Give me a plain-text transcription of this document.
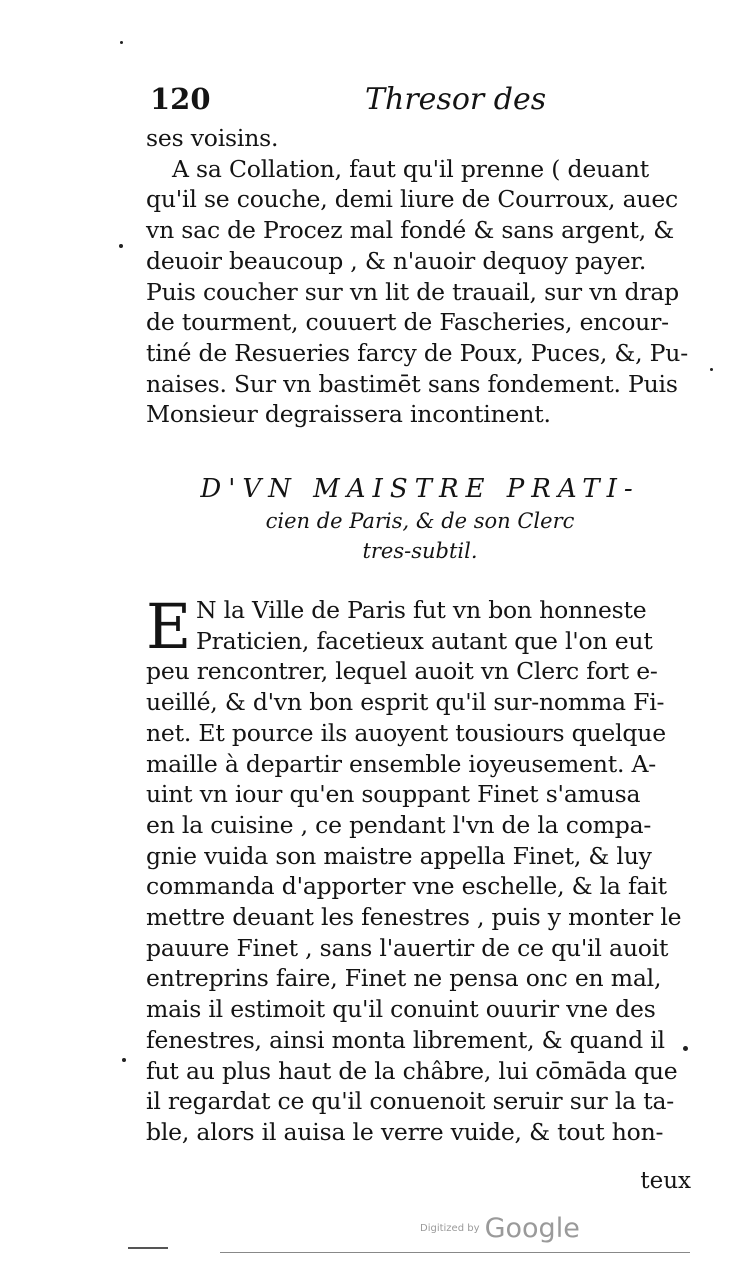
120	Thresor des
ses voisins.
A sa Collation, faut qu'il prenne ( deuant
qu'il se couche, demi liure de Courroux, auec
vn sac de Procez mal fondé & sans argent, &
deuoir beaucoup , & n'auoir dequoy payer.
Puis coucher sur vn lit de trauail, sur vn drap
de tourment, couuert de Fascheries, encour-
tiné de Resueries farcy de Poux, Puces, &, Pu-
naises. Sur vn bastimēt sans fondement. Puis
Monsieur degraissera incontinent.
D'VN MAISTRE PRATI-
cien de Paris, & de son Clerc
tres-subtil.
E N la Ville de Paris fut vn bon honneste
Praticien, facetieux autant que l'on eut
peu rencontrer, lequel auoit vn Clerc fort e-
ueillé, & d'vn bon esprit qu'il sur-nomma Fi-
net. Et pource ils auoyent tousiours quelque
maille à departir ensemble ioyeusement. A-
uint vn iour qu'en souppant Finet s'amusa
en la cuisine , ce pendant l'vn de la compa-
gnie vuida son maistre appella Finet, & luy
commanda d'apporter vne eschelle, & la fait
mettre deuant les fenestres , puis y monter le
pauure Finet , sans l'auertir de ce qu'il auoit
entreprins faire, Finet ne pensa onc en mal,
mais il estimoit qu'il conuint ouurir vne des
fenestres, ainsi monta librement, & quand il
fut au plus haut de la châbre, lui cōmāda que
il regardat ce qu'il conuenoit seruir sur la ta-
ble, alors il auisa le verre vuide, & tout hon-
teux
Digitized by Google
